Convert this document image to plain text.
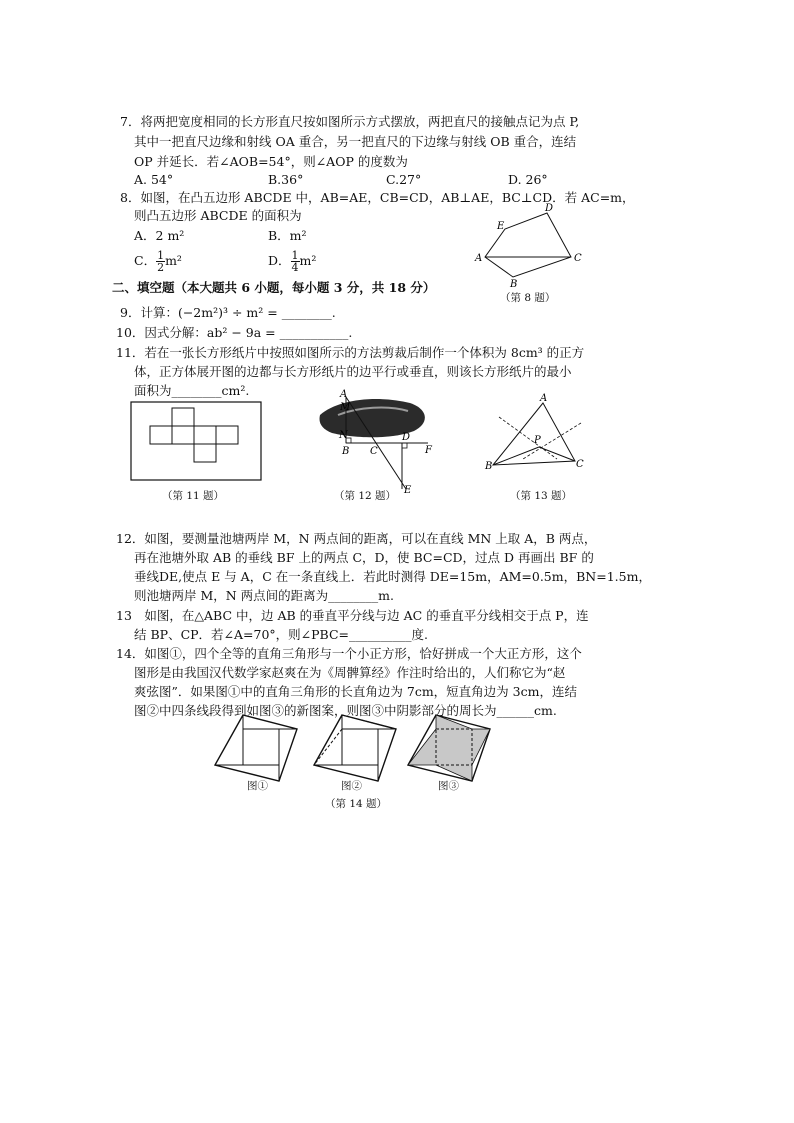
7．将两把宽度相同的长方形直尺按如图所示方式摆放，两把直尺的接触点记为点 P,
其中一把直尺边缘和射线 OA 重合，另一把直尺的下边缘与射线 OB 重合，连结
OP 并延长．若∠AOB=54°，则∠AOP 的度数为
A. 54°	B.36°	C.27°	D. 26°
8．如图，在凸五边形 ABCDE 中，AB=AE，CB=CD，AB⊥AE，BC⊥CD．若 AC=m，
则凸五边形 ABCDE 的面积为
A．2 m²	B．m²
C． $\frac{1}{2} m^2$	D． $\frac{1}{4} m^2$
E
D
A	C
B
（第 8 题）
二、填空题（本大题共 6 小题，每小题 3 分，共 18 分）
9．计算：(−2m²)³ ÷ m² = ________.
10．因式分解：ab² − 9a = ___________.
11．若在一张长方形纸片中按照如图所示的方法剪裁后制作一个体积为 8cm³ 的正方
体，正方体展开图的边都与长方形纸片的边平行或垂直，则该长方形纸片的最小
面积为________cm².
（第 11 题）
A
M
N
B C
D
F
E
（第 12 题）
A
B	C
P
（第 13 题）
12．如图，要测量池塘两岸 M，N 两点间的距离，可以在直线 MN 上取 A，B 两点，
再在池塘外取 AB 的垂线 BF 上的两点 C，D，使 BC=CD，过点 D 再画出 BF 的
垂线DE,使点 E 与 A，C 在一条直线上．若此时测得 DE=15m，AM=0.5m，BN=1.5m，
则池塘两岸 M，N 两点间的距离为________m.
13　如图，在△ABC 中，边 AB 的垂直平分线与边 AC 的垂直平分线相交于点 P，连
结 BP、CP．若∠A=70°，则∠PBC=__________度.
14．如图①，四个全等的直角三角形与一个小正方形，恰好拼成一个大正方形，这个
图形是由我国汉代数学家赵爽在为《周髀算经》作注时给出的，人们称它为“赵
爽弦图”．如果图①中的直角三角形的长直角边为 7cm，短直角边为 3cm，连结
图②中四条线段得到如图③的新图案，则图③中阴影部分的周长为______cm.
图①	图②	图③
（第 14 题）
